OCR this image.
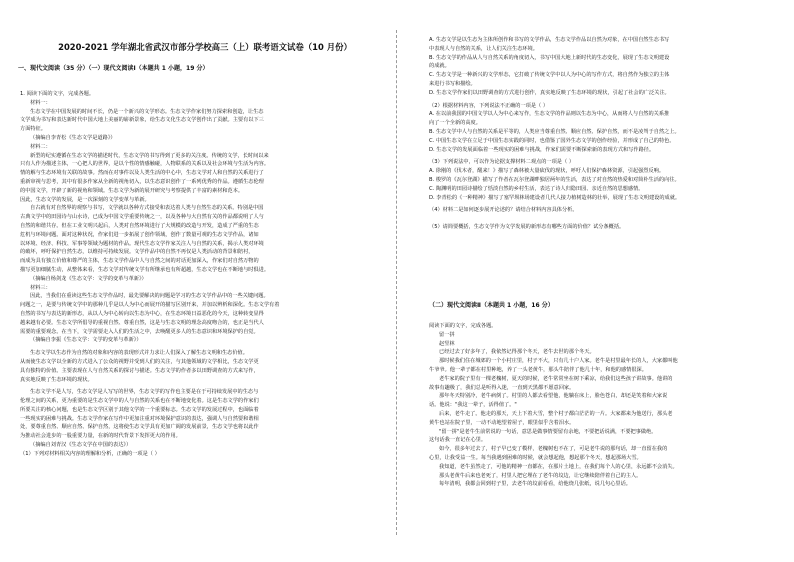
2020-2021 学年湖北省武汉市部分学校高三（上）联考语文试卷（10 月份）
一、现代文阅读（35 分）（一）现代文阅读Ⅰ（本题共 1 小题，19 分）
1. 阅读下面的文字，完成各题。
材料一：
生态文学在中国发展的时间不长，仍是一个新兴的文学形态。生态文学作家们努力探索和创造，让生态
文学成为书写和表达新时代中国大地上美丽的崭新景象，给生态文化生态文学创作出了贡献。主要有以下三
方面特征。
（摘编自李青松《生态文学是道路》）
材料二：
新型的纪实遵循在生态文学的描述时代，生态文学的书写得到了更多的关注度。传统的文学，长时间以来
只有人作为描述主体，一心把人的世界，是以个性的情感触碰，人物联系的关系以及社会环境与生活为内容。
情的解与生态环境有关联的故事。然而在对事件以及人类生活的中心中，生态文学对人和自然的关系进行了
重新审视与思考，其中有很多作家从全新的视角切入，以生态意识创作了一系列优秀的作品。遵循生态伦理
的中国文学，开辟了新的视角和领域。生态文学为新的展开研究与考察提供了丰富的素材和范本。
因此，生态文学的发展，是一次深刻的文学变革与革新。
自古就有对自然界的观察与书写，文学就以各种方式接受和表达着人类与自然生态的关系。特别是中国
古典文学中的田园诗与山水诗，已成为中国文学重要传统之一，以及各种与大自然有关的作品都说明了人与
自然的和谐共存。但在工业文明兴起后，人类对自然环境进行了大规模的改造与开发，造成了严重的生态
危机与环境问题。面对这种状况，作家们进一步拓展了创作领域，创作了数量可观的生态文学作品，诸如
以环境、经济、科技、军事等领域为题材的作品。现代生态文学作家关注人与自然的关系，揭示人类对环境
的破坏，呼吁保护自然生态，以维持可持续发展。文学作品中的自然不再仅是人类活动的背景和陪衬，
而成为具有独立价值和尊严的主体，生态文学作品中人与自然之间的对话更加深入，作家们对自然万物的
描写更加细腻生动，从整体来看，生态文学对传统文学有所继承也有所超越，生态文学也在不断地与时俱进。
（摘编自杨剑龙《生态文学：文学的变革与革新》）
材料三：
因此，当我们在重读这些生态文学作品时，最先要解决的问题是学习的生态文学作品中的一些关键问题。
问题之一，是要与传统文学中的那种几乎是以人为中心而展开的描写区别开来，并加以辨析和深化。生态文学有着
自然的书写与表达的新形态，从以人为中心转向以生态为中心，在生态环境日益恶化的今天，这种转变显得
越来越有必要。生态文学所倡导的重视自然、尊重自然，这是与生态文明的理念高度吻合的，也正是当代人
需要的重要观念。在当下，文学需要走入人们的生活之中，去唤醒更多人的生态意识和环境保护的自觉。
（摘编自李振《生态文学：文学的变革与革新》）
生态文学以生态作为自然的对象和内容的表现形式并力求让人们深入了解生态文明和生态价值。
从而使生态文学以全新的方式进入了公众的视野并受到人们的关注，与其他领域的文学相比，生态文学更
具有独特的价值。主要表现在人与自然关系的探讨与描述。生态文学的作者多以田野调查的方式来写作，
真实地反映了生态环境的现状。
生态文学不是人写，生态文学是人写写的世界，生态文学的写作也主要是在于可持续发展中的生态与
伦理之间的关系，更为重要的是生态文学中的人与自然的关系也在不断地变化着。这是生态文学的作家们
所要关注的核心问题，也是生态文学区别于其他文学的一个重要标志。生态文学的发展过程中，也面临着
一些现实的困难与挑战。生态文学作家在写作中更加注重对环境保护意识的表达，强调人与自然要和谐相
处，要尊重自然、顺应自然、保护自然，这将使生态文学具有更加广阔的发展前景，生态文学也将以此作
为推动社会进步的一股重要力量，在新的时代背景下发挥更大的作用。
（摘编自刘青汉《生态文学在中国的表达》）
（1）下列对材料相关内容的理解和分析，正确的一项是（ ）
A. 生态文学是以生态为主体所创作和书写的文学作品，生态文学作品以自然为对象，在中国自然生态书写
中表现人与自然的关系，让人们关注生态环境。
B. 生态文学的作品从人与自然关系的角度切入，书写中国大地上新时代的生态变化，展现了生态文明建设
的成就。
C. 生态文学是一种新兴的文学形态，它打破了传统文学中以人为中心的写作方式，将自然作为独立的主体
来进行书写和描绘。
D. 生态文学作家们以田野调查的方式进行创作，真实地反映了生态环境的现状，引起了社会的广泛关注。
（2）根据材料内容，下列说法不正确的一项是（ ）
A. 在以前我国的中国文学以人为中心来写作，生态文学的作品则以生态为中心，从而将人与自然的关系推
向了一个全新的高度。
B. 生态文学中人与自然的关系是平等的，人类应当尊重自然、顺应自然、保护自然，而不是凌驾于自然之上。
C. 中国生态文学在立足于中国生态实践的同时，也借鉴了国外生态文学的创作经验，并形成了自己的特色。
D. 生态文学的发展面临着一些现实的困难与挑战，作家们需要不断探索新的表现方式和写作路径。
（3）下列说法中，可以作为论据支撑材料二观点的一项是（ ）
A. 徐刚的《伐木者，醒来！》描写了森林被大量砍伐的现状，呼吁人们保护森林资源，引起强烈反响。
B. 梭罗的《瓦尔登湖》描写了作者在瓦尔登湖畔独居两年的生活，表达了对自然的热爱和对简朴生活的向往。
C. 陶渊明的田园诗描绘了恬淡自然的乡村生活，表达了诗人归隐田园、亲近自然的思想感情。
D. 李青松的《一种精神》描写了塞罕坝林场建设者几代人接力植树造林的壮举，展现了生态文明建设的成就。
（4）材料二是如何逐步展开论述的？请结合材料内容具体分析。
（5）请简要概括，生态文学作为文学发展的新形态有哪些方面的价值？试分条概括。
（二）现代文阅读Ⅱ（本题共 1 小题，16 分）
阅读下面的文字，完成各题。
留一拼
赵竖林
已经过去了好多年了，我依然记得那个冬天，老牛去世的那个冬天。
那时候我们住在城郊的一个小村庄里，村子不大，只有几十户人家。老牛是村里最年长的人，大家都叫他
牛爷爷。他一辈子都在村里种地，养了一头老黄牛，那头牛陪伴了他几十年，和他的感情很深。
老牛家的院子里有一棵老槐树，夏天的时候，老牛常常坐在树下乘凉，给我们这些孩子讲故事。他讲的
故事有趣极了，我们总是听得入迷，一直到天黑都不愿意回家。
那年冬天特别冷，老牛病倒了。村里的人都去看望他，他躺在床上，脸色苍白，却还是笑着和大家说
话。他说："我这一辈子，活得值了。"
后来，老牛走了。他走的那天，天上下着大雪，整个村子都白茫茫的一片。大家都来为他送行，那头老
黄牛也站在院子里，一动不动地望着屋子，眼里似乎含着泪水。
"留一拼"是老牛生前常说的一句话，意思是做事情要留有余地，不要把话说满，不要把事做绝。
这句话我一直记在心里。
如今，很多年过去了，村子早已变了模样，老槐树也不在了，可是老牛说的那句话，却一直留在我的
心里，让我受益一生。每当我遇到困难的时候，就会想起他，想起那个冬天，想起那场大雪。
我知道，老牛虽然走了，可他的精神一直都在，在那片土地上，在我们每个人的心里，永远都不会消失。
那头老黄牛后来也老死了，村里人把它埋在了老牛的坟边，让它继续陪伴着自己的主人。
每年清明，我都会回到村子里，去老牛的坟前看看，给他烧几张纸，说几句心里话。
